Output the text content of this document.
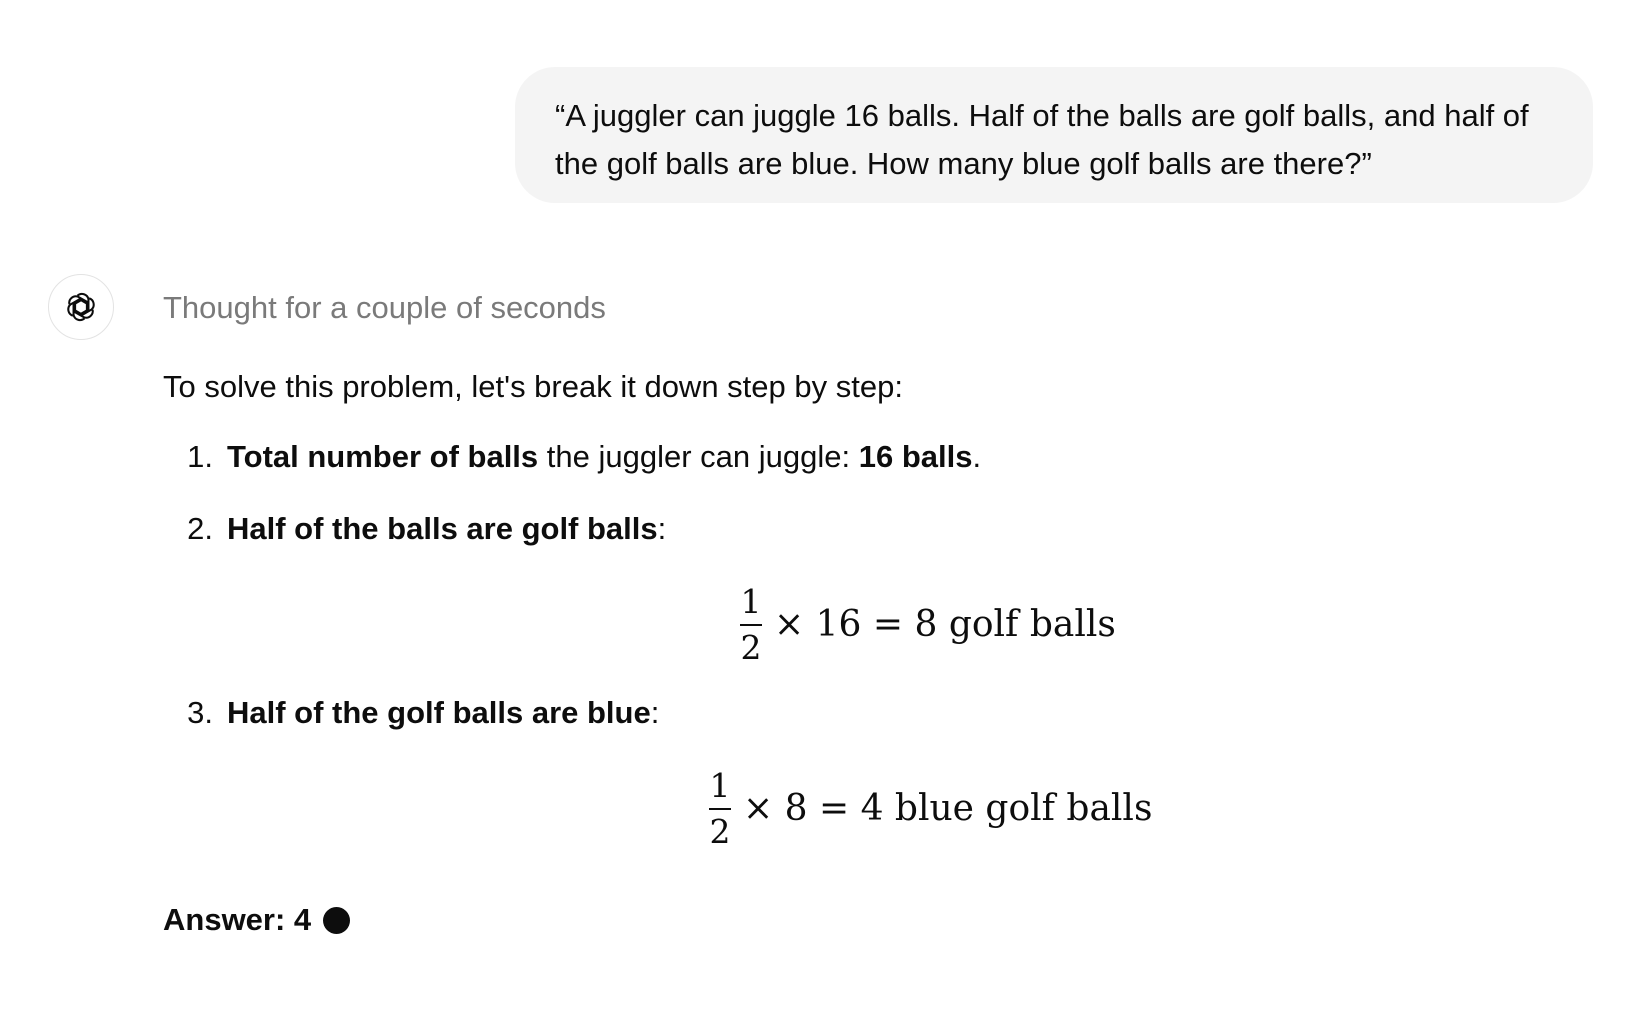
“A juggler can juggle 16 balls. Half of the balls are golf balls, and half of the golf balls are blue. How many blue golf balls are there?”
Thought for a couple of seconds
To solve this problem, let's break it down step by step:
1. Total number of balls the juggler can juggle: 16 balls.
2. Half of the balls are golf balls:
$\frac{1}{2} \times 16 = 8$ golf balls
3. Half of the golf balls are blue:
$\frac{1}{2} \times 8 = 4$ blue golf balls
Answer: 4
